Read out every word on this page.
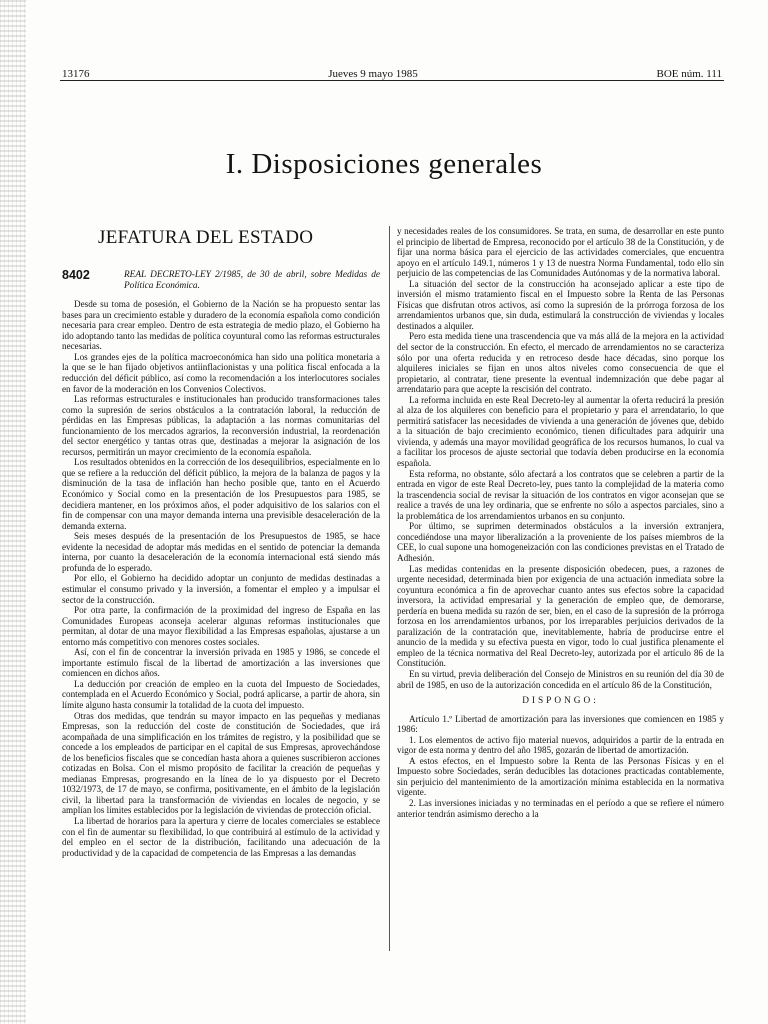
13176	Jueves 9 mayo 1985	BOE núm. 111
I. Disposiciones generales
JEFATURA DEL ESTADO
8402	REAL DECRETO-LEY 2/1985, de 30 de abril, sobre Medidas de Política Económica.

Desde su toma de posesión, el Gobierno de la Nación se ha propuesto sentar las bases para un crecimiento estable y duradero de la economía española como condición necesaria para crear empleo. Dentro de esta estrategia de medio plazo, el Gobierno ha ido adoptando tanto las medidas de política coyuntural como las reformas estructurales necesarias.

Los grandes ejes de la política macroeconómica han sido una política monetaria a la que se le han fijado objetivos antiinflacionistas y una política fiscal enfocada a la reducción del déficit público, así como la recomendación a los interlocutores sociales en favor de la moderación en los Convenios Colectivos.

Las reformas estructurales e institucionales han producido transformaciones tales como la supresión de serios obstáculos a la contratación laboral, la reducción de pérdidas en las Empresas públicas, la adaptación a las normas comunitarias del funcionamiento de los mercados agrarios, la reconversión industrial, la reordenación del sector energético y tantas otras que, destinadas a mejorar la asignación de los recursos, permitirán un mayor crecimiento de la economía española.

Los resultados obtenidos en la corrección de los desequilibrios, especialmente en lo que se refiere a la reducción del déficit público, la mejora de la balanza de pagos y la disminución de la tasa de inflación han hecho posible que, tanto en el Acuerdo Económico y Social como en la presentación de los Presupuestos para 1985, se decidiera mantener, en los próximos años, el poder adquisitivo de los salarios con el fin de compensar con una mayor demanda interna una previsible desaceleración de la demanda externa.

Seis meses después de la presentación de los Presupuestos de 1985, se hace evidente la necesidad de adoptar más medidas en el sentido de potenciar la demanda interna, por cuanto la desaceleración de la economía internacional está siendo más profunda de lo esperado.

Por ello, el Gobierno ha decidido adoptar un conjunto de medidas destinadas a estimular el consumo privado y la inversión, a fomentar el empleo y a impulsar el sector de la construcción.

Por otra parte, la confirmación de la proximidad del ingreso de España en las Comunidades Europeas aconseja acelerar algunas reformas institucionales que permitan, al dotar de una mayor flexibilidad a las Empresas españolas, ajustarse a un entorno más competitivo con menores costes sociales.

Así, con el fin de concentrar la inversión privada en 1985 y 1986, se concede el importante estímulo fiscal de la libertad de amortización a las inversiones que comiencen en dichos años.

La deducción por creación de empleo en la cuota del Impuesto de Sociedades, contemplada en el Acuerdo Económico y Social, podrá aplicarse, a partir de ahora, sin límite alguno hasta consumir la totalidad de la cuota del impuesto.

Otras dos medidas, que tendrán su mayor impacto en las pequeñas y medianas Empresas, son la reducción del coste de constitución de Sociedades, que irá acompañada de una simplificación en los trámites de registro, y la posibilidad que se concede a los empleados de participar en el capital de sus Empresas, aprovechándose de los beneficios fiscales que se concedían hasta ahora a quienes suscribieron acciones cotizadas en Bolsa. Con el mismo propósito de facilitar la creación de pequeñas y medianas Empresas, progresando en la línea de lo ya dispuesto por el Decreto 1032/1973, de 17 de mayo, se confirma, positivamente, en el ámbito de la legislación civil, la libertad para la transformación de viviendas en locales de negocio, y se amplían los límites establecidos por la legislación de viviendas de protección oficial.

La libertad de horarios para la apertura y cierre de locales comerciales se establece con el fin de aumentar su flexibilidad, lo que contribuirá al estímulo de la actividad y del empleo en el sector de la distribución, facilitando una adecuación de la productividad y de la capacidad de competencia de las Empresas a las demandas

y necesidades reales de los consumidores. Se trata, en suma, de desarrollar en este punto el principio de libertad de Empresa, reconocido por el artículo 38 de la Constitución, y de fijar una norma básica para el ejercicio de las actividades comerciales, que encuentra apoyo en el artículo 149.1, números 1 y 13 de nuestra Norma Fundamental, todo ello sin perjuicio de las competencias de las Comunidades Autónomas y de la normativa laboral.

La situación del sector de la construcción ha aconsejado aplicar a este tipo de inversión el mismo tratamiento fiscal en el Impuesto sobre la Renta de las Personas Físicas que disfrutan otros activos, así como la supresión de la prórroga forzosa de los arrendamientos urbanos que, sin duda, estimulará la construcción de viviendas y locales destinados a alquiler.

Pero esta medida tiene una trascendencia que va más allá de la mejora en la actividad del sector de la construcción. En efecto, el mercado de arrendamientos no se caracteriza sólo por una oferta reducida y en retroceso desde hace décadas, sino porque los alquileres iniciales se fijan en unos altos niveles como consecuencia de que el propietario, al contratar, tiene presente la eventual indemnización que debe pagar al arrendatario para que acepte la rescisión del contrato.

La reforma incluida en este Real Decreto-ley al aumentar la oferta reducirá la presión al alza de los alquileres con beneficio para el propietario y para el arrendatario, lo que permitirá satisfacer las necesidades de vivienda a una generación de jóvenes que, debido a la situación de bajo crecimiento económico, tienen dificultades para adquirir una vivienda, y además una mayor movilidad geográfica de los recursos humanos, lo cual va a facilitar los procesos de ajuste sectorial que todavía deben producirse en la economía española.

Esta reforma, no obstante, sólo afectará a los contratos que se celebren a partir de la entrada en vigor de este Real Decreto-ley, pues tanto la complejidad de la materia como la trascendencia social de revisar la situación de los contratos en vigor aconsejan que se realice a través de una ley ordinaria, que se enfrente no sólo a aspectos parciales, sino a la problemática de los arrendamientos urbanos en su conjunto.

Por último, se suprimen determinados obstáculos a la inversión extranjera, concediéndose una mayor liberalización a la proveniente de los países miembros de la CEE, lo cual supone una homogeneización con las condiciones previstas en el Tratado de Adhesión.

Las medidas contenidas en la presente disposición obedecen, pues, a razones de urgente necesidad, determinada bien por exigencia de una actuación inmediata sobre la coyuntura económica a fin de aprovechar cuanto antes sus efectos sobre la capacidad inversora, la actividad empresarial y la generación de empleo que, de demorarse, perdería en buena medida su razón de ser, bien, en el caso de la supresión de la prórroga forzosa en los arrendamientos urbanos, por los irreparables perjuicios derivados de la paralización de la contratación que, inevitablemente, habría de producirse entre el anuncio de la medida y su efectiva puesta en vigor, todo lo cual justifica plenamente el empleo de la técnica normativa del Real Decreto-ley, autorizada por el artículo 86 de la Constitución.

En su virtud, previa deliberación del Consejo de Ministros en su reunión del día 30 de abril de 1985, en uso de la autorización concedida en el artículo 86 de la Constitución,

DISPONGO:

Artículo 1.º Libertad de amortización para las inversiones que comiencen en 1985 y 1986:

1. Los elementos de activo fijo material nuevos, adquiridos a partir de la entrada en vigor de esta norma y dentro del año 1985, gozarán de libertad de amortización.

A estos efectos, en el Impuesto sobre la Renta de las Personas Físicas y en el Impuesto sobre Sociedades, serán deducibles las dotaciones practicadas contablemente, sin perjuicio del mantenimiento de la amortización mínima establecida en la normativa vigente.

2. Las inversiones iniciadas y no terminadas en el período a que se refiere el número anterior tendrán asimismo derecho a la
